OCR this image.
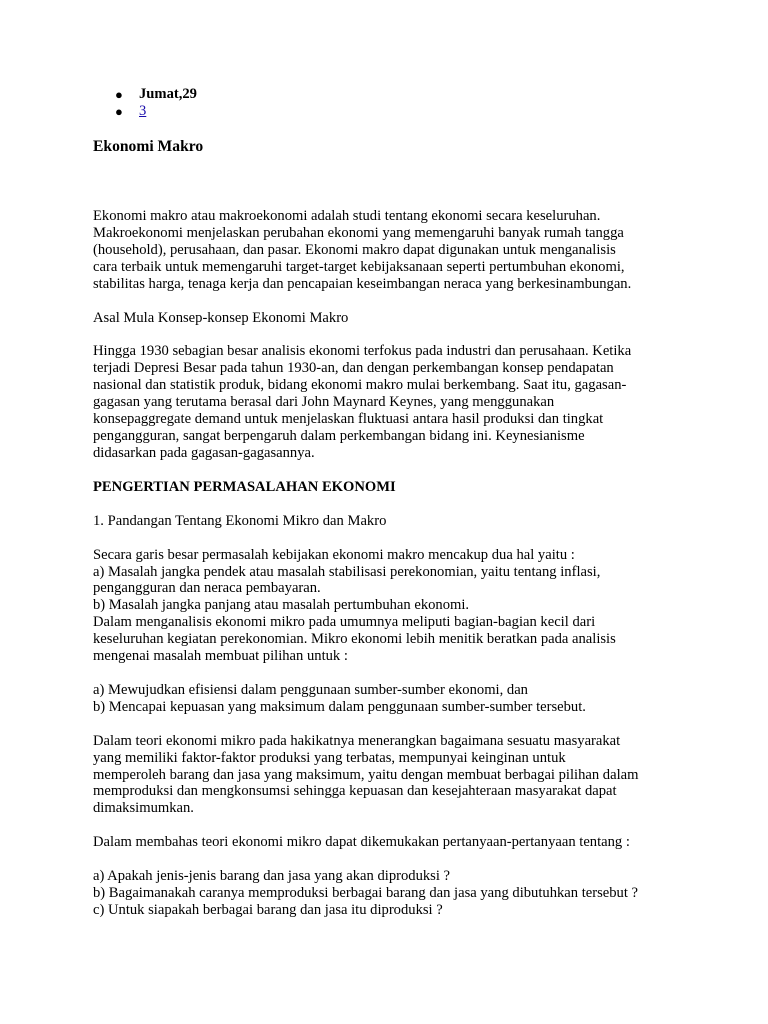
● Jumat,29
● 3
Ekonomi Makro

Ekonomi makro atau makroekonomi adalah studi tentang ekonomi secara keseluruhan.
Makroekonomi menjelaskan perubahan ekonomi yang memengaruhi banyak rumah tangga
(household), perusahaan, dan pasar. Ekonomi makro dapat digunakan untuk menganalisis
cara terbaik untuk memengaruhi target-target kebijaksanaan seperti pertumbuhan ekonomi,
stabilitas harga, tenaga kerja dan pencapaian keseimbangan neraca yang berkesinambungan.

Asal Mula Konsep-konsep Ekonomi Makro

Hingga 1930 sebagian besar analisis ekonomi terfokus pada industri dan perusahaan. Ketika
terjadi Depresi Besar pada tahun 1930-an, dan dengan perkembangan konsep pendapatan
nasional dan statistik produk, bidang ekonomi makro mulai berkembang. Saat itu, gagasan-
gagasan yang terutama berasal dari John Maynard Keynes, yang menggunakan
konsepaggregate demand untuk menjelaskan fluktuasi antara hasil produksi dan tingkat
pengangguran, sangat berpengaruh dalam perkembangan bidang ini. Keynesianisme
didasarkan pada gagasan-gagasannya.

PENGERTIAN PERMASALAHAN EKONOMI

1. Pandangan Tentang Ekonomi Mikro dan Makro

Secara garis besar permasalah kebijakan ekonomi makro mencakup dua hal yaitu :
a) Masalah jangka pendek atau masalah stabilisasi perekonomian, yaitu tentang inflasi,
pengangguran dan neraca pembayaran.
b) Masalah jangka panjang atau masalah pertumbuhan ekonomi.
Dalam menganalisis ekonomi mikro pada umumnya meliputi bagian-bagian kecil dari
keseluruhan kegiatan perekonomian. Mikro ekonomi lebih menitik beratkan pada analisis
mengenai masalah membuat pilihan untuk :

a) Mewujudkan efisiensi dalam penggunaan sumber-sumber ekonomi, dan
b) Mencapai kepuasan yang maksimum dalam penggunaan sumber-sumber tersebut.

Dalam teori ekonomi mikro pada hakikatnya menerangkan bagaimana sesuatu masyarakat
yang memiliki faktor-faktor produksi yang terbatas, mempunyai keinginan untuk
memperoleh barang dan jasa yang maksimum, yaitu dengan membuat berbagai pilihan dalam
memproduksi dan mengkonsumsi sehingga kepuasan dan kesejahteraan masyarakat dapat
dimaksimumkan.

Dalam membahas teori ekonomi mikro dapat dikemukakan pertanyaan-pertanyaan tentang :

a) Apakah jenis-jenis barang dan jasa yang akan diproduksi ?
b) Bagaimanakah caranya memproduksi berbagai barang dan jasa yang dibutuhkan tersebut ?
c) Untuk siapakah berbagai barang dan jasa itu diproduksi ?
